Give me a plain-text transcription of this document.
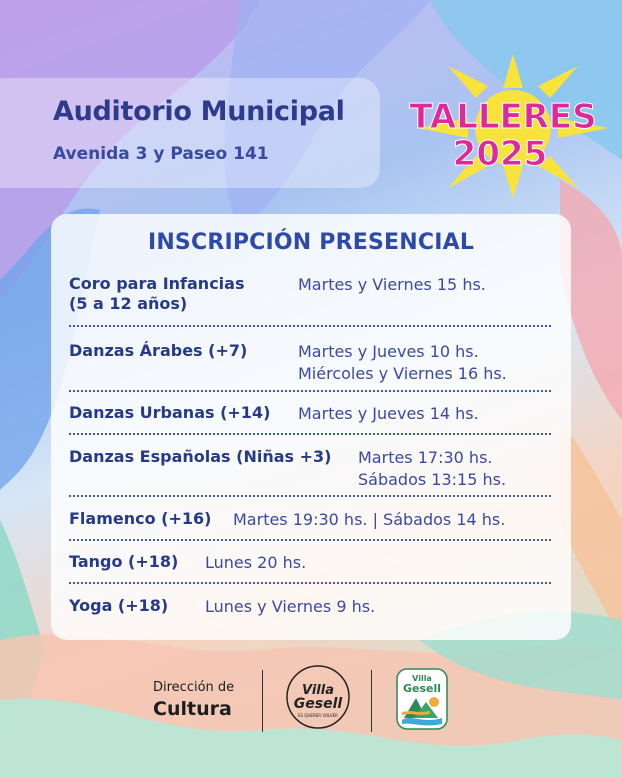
Auditorio Municipal
Avenida 3 y Paseo 141
TALLERES
2025
INSCRIPCIÓN PRESENCIAL
Coro para Infancias
(5 a 12 años)
Martes y Viernes 15 hs.
Danzas Árabes (+7)	Martes y Jueves 10 hs.
Miércoles y Viernes 16 hs.
Danzas Urbanas (+14) Martes y Jueves 14 hs.
Danzas Españolas (Niñas +3) Martes 17:30 hs.
Sábados 13:15 hs.
Flamenco (+16) Martes 19:30 hs. | Sábados 14 hs.
Tango (+18) Lunes 20 hs.
Yoga (+18) Lunes y Viernes 9 hs.

Dirección de

Cultura

Villa
Gesell
ES QUERER VOLVER
Villa
Gesell
